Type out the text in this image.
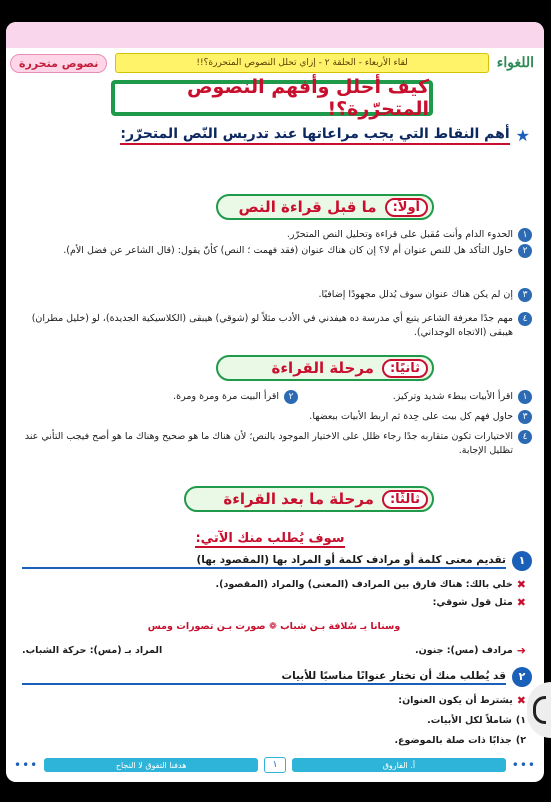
اللغواء
لقاء الأربعاء - الحلقة ٢ - إزاي تحلل النصوص المتحررة؟!!
نصوص متحررة
كيف أحلل وأفهم النصوص المتحرّرة؟!
★
أهم النقاط التي يجب مراعاتها عند تدريس النّص المتحرّر:
أولاً:
ما قبل قراءة النص
١
الحدوء الدام وأنت مُقبل على قراءة وتحليل النص المتحرّر.
٢
حاول التأكد هل للنص عنوان أم لا؟ إن كان هناك عنوان (فقد فهمت ؛ النص) كأنّ يقول: (قال الشاعر عن فضل الأم).
٣
إن لم يكن هناك عنوان سوف يُدلل مجهودًا إضافيًا.
٤
مهم جدًا معرفة الشاعر يتبع أي مدرسة ده هيفدني في الأدب مثلاً لو (شوقي) هيبقى (الكلاسيكية الجديدة)، لو (خليل مطران) هيبقى (الاتجاه الوجداني).
ثانيًا:
مرحلة القراءة
١
اقرأ الأبيات ببطء شديد وتركيز.
٢
اقرأ البيت مرة ومرة ومرة.
٣
حاول فهم كل بيت على حِدة ثم اربط الأبيات ببعضها.
٤
الاختيارات تكون متقاربه جدًا رجاء ظلل على الاختيار الموجود بالنص؛ لأن هناك ما هو صحيح وهناك ما هو أصح فيجب التأني عند تظليل الإجابة.
ثالثًا:
مرحلة ما بعد القراءة
سوف يُطلب منك الآتي:
١
تقديم معنى كلمة أو مرادف كلمة أو المراد بها (المقصود بها)
✖
خلي بالك: هناك فارق بين المرادف (المعنى) والمراد (المقصود).
✖
مثل قول شوقي:
وسنانا يـ سُلافة بـن شباب ❁ صورت بـن تصورات ومس
➜
مرادف (مس): جنون.
المراد بـ (مس): حركة الشباب.
٢
قد يُطلب منك أن تختار عنوانًا مناسبًا للأبيات
✖
يشترط أن يكون العنوان:
١)
شاملاً لكل الأبيات.
٢)
جذابًا ذات صلة بالموضوع.
•••
أ. الفاروق
١
هدفنا التفوق لا النجاح
•••
